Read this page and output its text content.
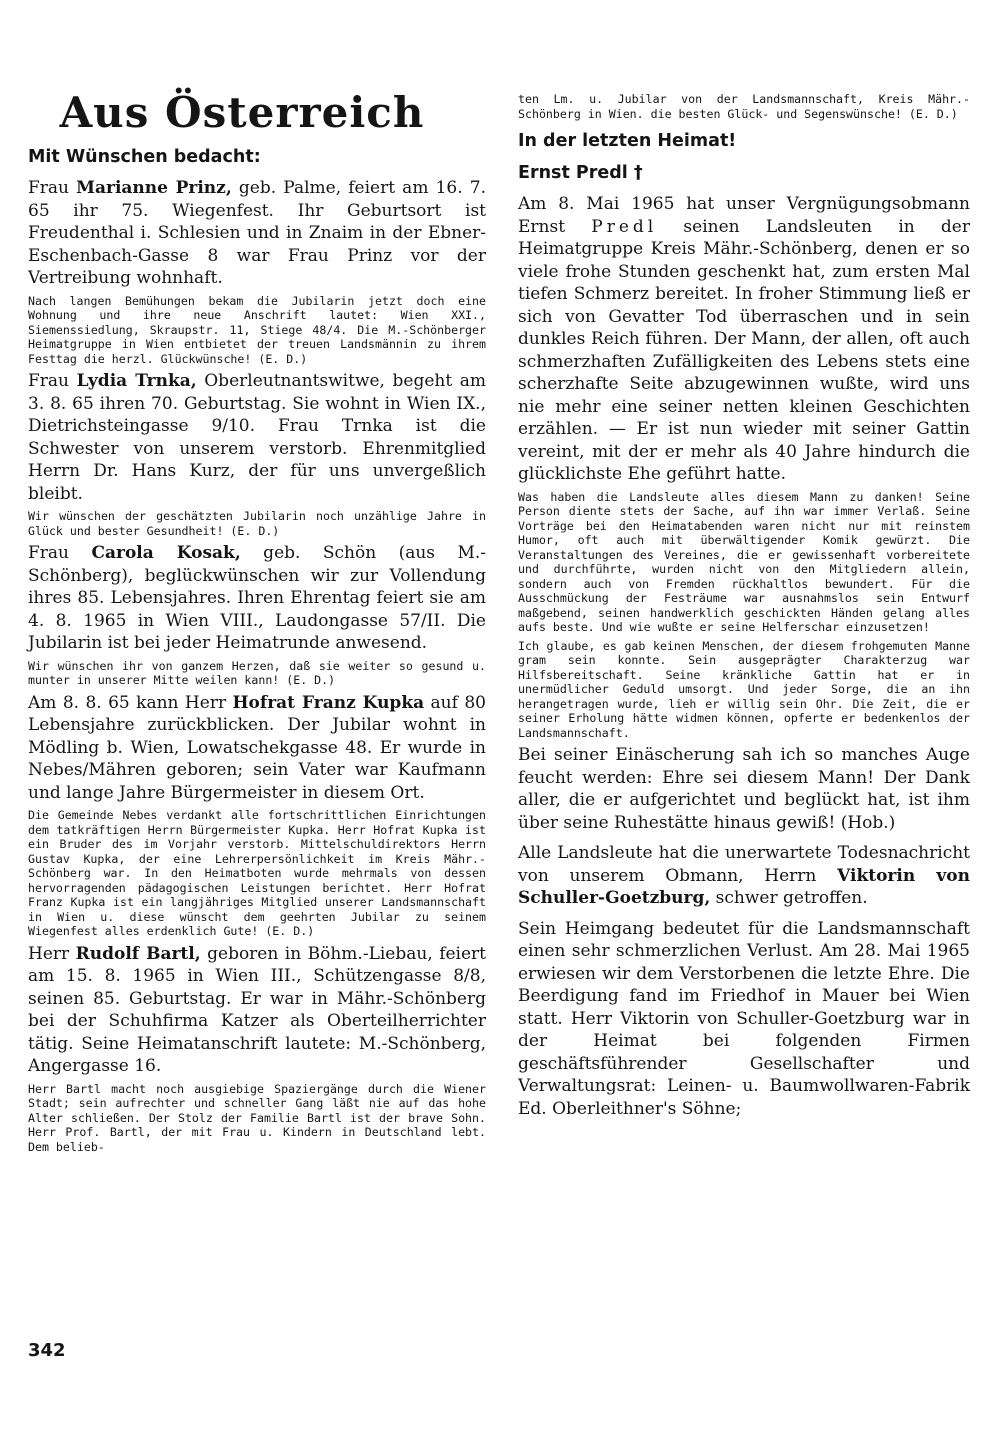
Aus Österreich
Mit Wünschen bedacht:

Frau Marianne Prinz, geb. Palme, feiert am 16. 7. 65 ihr 75. Wiegenfest. Ihr Geburtsort ist Freudenthal i. Schlesien und in Znaim in der Ebner-Eschenbach-Gasse 8 war Frau Prinz vor der Vertreibung wohnhaft.

Nach langen Bemühungen bekam die Jubilarin jetzt doch eine Wohnung und ihre neue Anschrift lautet: Wien XXI., Siemenssiedlung, Skraupstr. 11, Stiege 48/4. Die M.-Schönberger Heimatgruppe in Wien entbietet der treuen Landsmännin zu ihrem Festtag die herzl. Glückwünsche! (E. D.)

Frau Lydia Trnka, Oberleutnantswitwe, begeht am 3. 8. 65 ihren 70. Geburtstag. Sie wohnt in Wien IX., Dietrichsteingasse 9/10. Frau Trnka ist die Schwester von unserem verstorb. Ehrenmitglied Herrn Dr. Hans Kurz, der für uns unvergeßlich bleibt.

Wir wünschen der geschätzten Jubilarin noch unzählige Jahre in Glück und bester Gesundheit! (E. D.)

Frau Carola Kosak, geb. Schön (aus M.-Schönberg), beglückwünschen wir zur Vollendung ihres 85. Lebensjahres. Ihren Ehrentag feiert sie am 4. 8. 1965 in Wien VIII., Laudongasse 57/II. Die Jubilarin ist bei jeder Heimatrunde anwesend.

Wir wünschen ihr von ganzem Herzen, daß sie weiter so gesund u. munter in unserer Mitte weilen kann! (E. D.)

Am 8. 8. 65 kann Herr Hofrat Franz Kupka auf 80 Lebensjahre zurückblicken. Der Jubilar wohnt in Mödling b. Wien, Lowatschekgasse 48. Er wurde in Nebes/Mähren geboren; sein Vater war Kaufmann und lange Jahre Bürgermeister in diesem Ort.

Die Gemeinde Nebes verdankt alle fortschrittlichen Einrichtungen dem tatkräftigen Herrn Bürgermeister Kupka. Herr Hofrat Kupka ist ein Bruder des im Vorjahr verstorb. Mittelschuldirektors Herrn Gustav Kupka, der eine Lehrerpersönlichkeit im Kreis Mähr.-Schönberg war. In den Heimatboten wurde mehrmals von dessen hervorragenden pädagogischen Leistungen berichtet. Herr Hofrat Franz Kupka ist ein langjähriges Mitglied unserer Landsmannschaft in Wien u. diese wünscht dem geehrten Jubilar zu seinem Wiegenfest alles erdenklich Gute! (E. D.)

Herr Rudolf Bartl, geboren in Böhm.-Liebau, feiert am 15. 8. 1965 in Wien III., Schützengasse 8/8, seinen 85. Geburtstag. Er war in Mähr.-Schönberg bei der Schuhfirma Katzer als Oberteilherrichter tätig. Seine Heimatanschrift lautete: M.-Schönberg, Angergasse 16.

Herr Bartl macht noch ausgiebige Spaziergänge durch die Wiener Stadt; sein aufrechter und schneller Gang läßt nie auf das hohe Alter schließen. Der Stolz der Familie Bartl ist der brave Sohn. Herr Prof. Bartl, der mit Frau u. Kindern in Deutschland lebt. Dem belieb-

342

ten Lm. u. Jubilar von der Landsmannschaft, Kreis Mähr.-Schönberg in Wien. die besten Glück- und Segenswünsche! (E. D.)

In der letzten Heimat!
Ernst Predl †

Am 8. Mai 1965 hat unser Vergnügungsobmann Ernst Predl seinen Landsleuten in der Heimatgruppe Kreis Mähr.-Schönberg, denen er so viele frohe Stunden geschenkt hat, zum ersten Mal tiefen Schmerz bereitet. In froher Stimmung ließ er sich von Gevatter Tod überraschen und in sein dunkles Reich führen. Der Mann, der allen, oft auch schmerzhaften Zufälligkeiten des Lebens stets eine scherzhafte Seite abzugewinnen wußte, wird uns nie mehr eine seiner netten kleinen Geschichten erzählen. — Er ist nun wieder mit seiner Gattin vereint, mit der er mehr als 40 Jahre hindurch die glücklichste Ehe geführt hatte.

Was haben die Landsleute alles diesem Mann zu danken! Seine Person diente stets der Sache, auf ihn war immer Verlaß. Seine Vorträge bei den Heimatabenden waren nicht nur mit reinstem Humor, oft auch mit überwältigender Komik gewürzt. Die Veranstaltungen des Vereines, die er gewissenhaft vorbereitete und durchführte, wurden nicht von den Mitgliedern allein, sondern auch von Fremden rückhaltlos bewundert. Für die Ausschmückung der Festräume war ausnahmslos sein Entwurf maßgebend, seinen handwerklich geschickten Händen gelang alles aufs beste. Und wie wußte er seine Helferschar einzusetzen!

Ich glaube, es gab keinen Menschen, der diesem frohgemuten Manne gram sein konnte. Sein ausgeprägter Charakterzug war Hilfsbereitschaft. Seine kränkliche Gattin hat er in unermüdlicher Geduld umsorgt. Und jeder Sorge, die an ihn herangetragen wurde, lieh er willig sein Ohr. Die Zeit, die er seiner Erholung hätte widmen können, opferte er bedenkenlos der Landsmannschaft.

Bei seiner Einäscherung sah ich so manches Auge feucht werden: Ehre sei diesem Mann! Der Dank aller, die er aufgerichtet und beglückt hat, ist ihm über seine Ruhestätte hinaus gewiß! (Hob.)

Alle Landsleute hat die unerwartete Todesnachricht von unserem Obmann, Herrn Viktorin von Schuller-Goetzburg, schwer getroffen.

Sein Heimgang bedeutet für die Landsmannschaft einen sehr schmerzlichen Verlust. Am 28. Mai 1965 erwiesen wir dem Verstorbenen die letzte Ehre. Die Beerdigung fand im Friedhof in Mauer bei Wien statt. Herr Viktorin von Schuller-Goetzburg war in der Heimat bei folgenden Firmen geschäftsführender Gesellschafter und Verwaltungsrat: Leinen- u. Baumwollwaren-Fabrik Ed. Oberleithner's Söhne;
